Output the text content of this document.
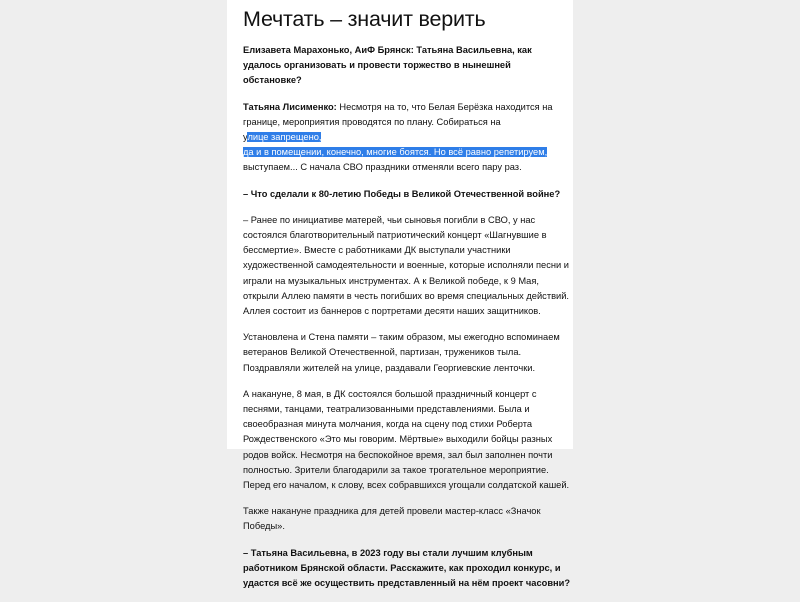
Мечтать – значит верить

Елизавета Марахонько, АиФ Брянск: Татьяна Васильевна, как удалось организовать и провести торжество в нынешней обстановке?

Татьяна Лисименко: Несмотря на то, что Белая Берёзка находится на границе, мероприятия проводятся по плану. Собираться на улице запрещено,
да и в помещении, конечно, многие боятся. Но всё равно репетируем,
выступаем... С начала СВО праздники отменяли всего пару раз.

– Что сделали к 80-летию Победы в Великой Отечественной войне?

– Ранее по инициативе матерей, чьи сыновья погибли в СВО, у нас состоялся благотворительный патриотический концерт «Шагнувшие в бессмертие». Вместе с работниками ДК выступали участники художественной самодеятельности и военные, которые исполняли песни и играли на музыкальных инструментах. А к Великой победе, к 9 Мая, открыли Аллею памяти в честь погибших во время специальных действий. Аллея состоит из баннеров с портретами десяти наших защитников.

Установлена и Стена памяти – таким образом, мы ежегодно вспоминаем ветеранов Великой Отечественной, партизан, тружеников тыла. Поздравляли жителей на улице, раздавали Георгиевские ленточки.

А накануне, 8 мая, в ДК состоялся большой праздничный концерт с песнями, танцами, театрализованными представлениями. Была и своеобразная минута молчания, когда на сцену под стихи Роберта Рождественского «Это мы говорим. Мёртвые» выходили бойцы разных родов войск. Несмотря на беспокойное время, зал был заполнен почти полностью. Зрители благодарили за такое трогательное мероприятие. Перед его началом, к слову, всех собравшихся угощали солдатской кашей.

Также накануне праздника для детей провели мастер-класс «Значок Победы».

– Татьяна Васильевна, в 2023 году вы стали лучшим клубным работником Брянской области. Расскажите, как проходил конкурс, и удастся всё же осуществить представленный на нём проект часовни?
